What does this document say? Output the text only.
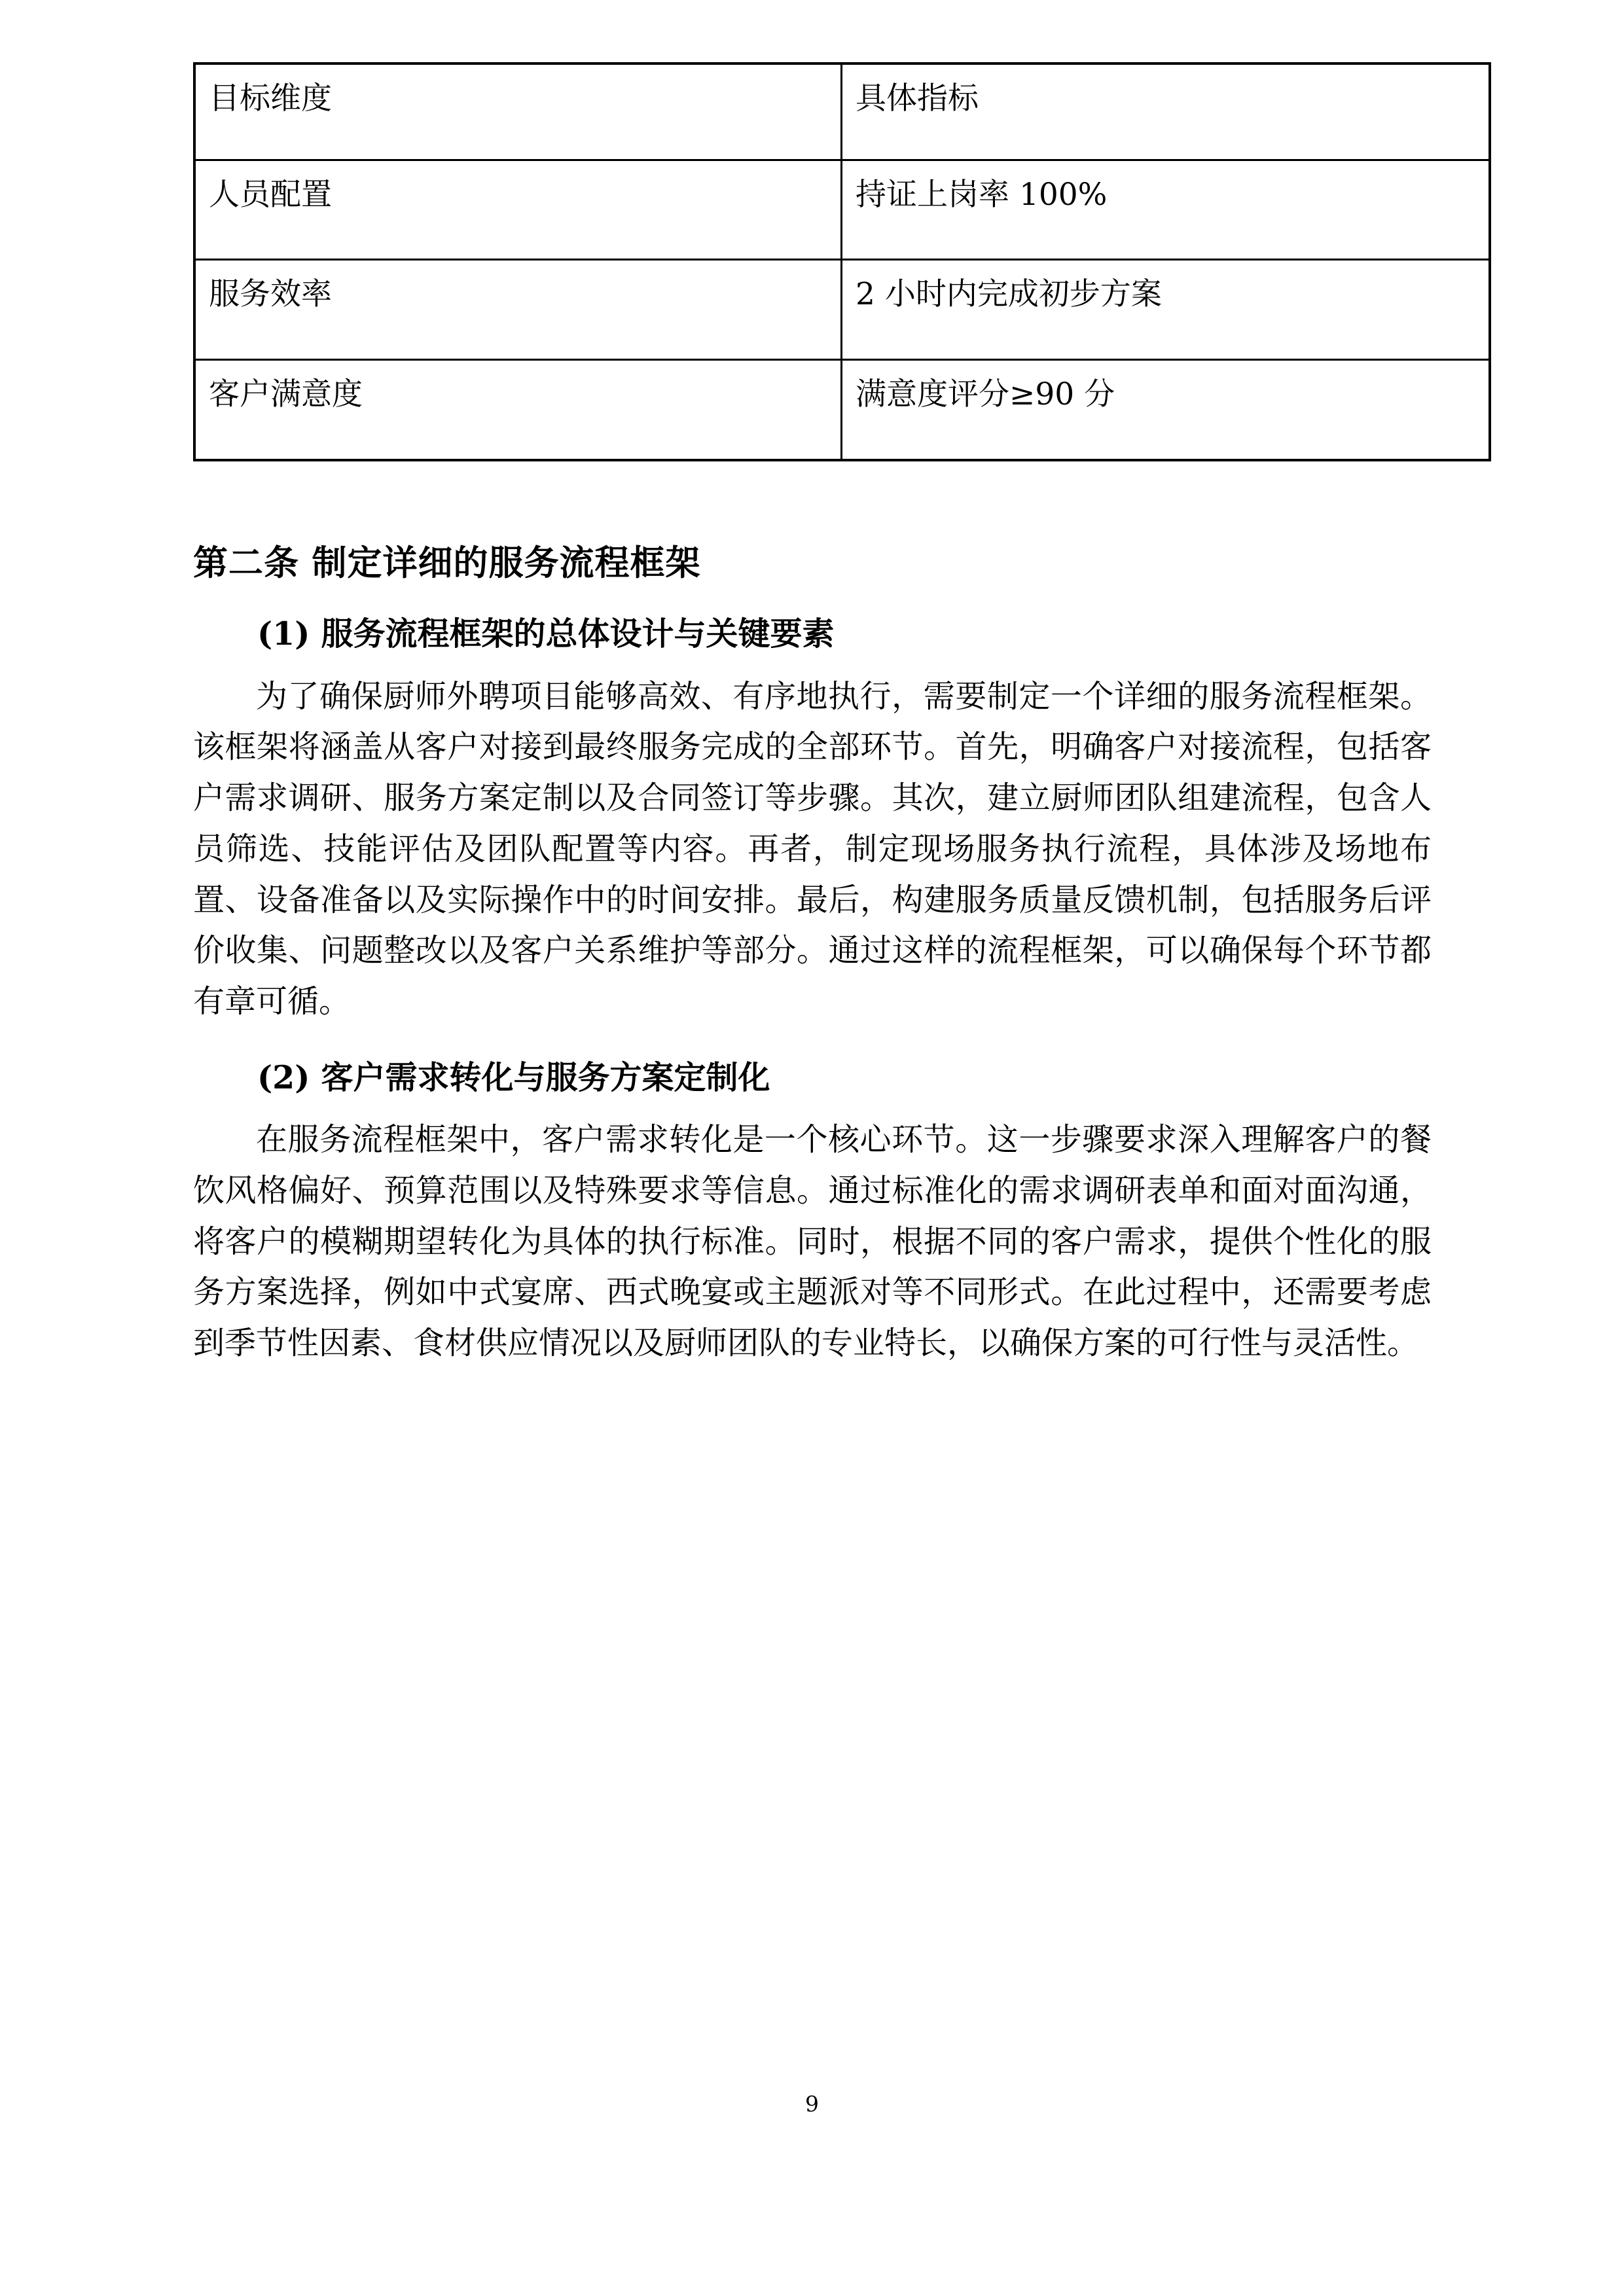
目标维度	具体指标
人员配置	持证上岗率 100%
服务效率	2 小时内完成初步方案
客户满意度	满意度评分≥90 分
第二条 制定详细的服务流程框架
(1) 服务流程框架的总体设计与关键要素

为了确保厨师外聘项目能够高效、有序地执行，需要制定一个详细的服务流程框架。该框架将涵盖从客户对接到最终服务完成的全部环节。首先，明确客户对接流程，包括客户需求调研、服务方案定制以及合同签订等步骤。其次，建立厨师团队组建流程，包含人员筛选、技能评估及团队配置等内容。再者，制定现场服务执行流程，具体涉及场地布置、设备准备以及实际操作中的时间安排。最后，构建服务质量反馈机制，包括服务后评价收集、问题整改以及客户关系维护等部分。通过这样的流程框架，可以确保每个环节都有章可循。

(2) 客户需求转化与服务方案定制化

在服务流程框架中，客户需求转化是一个核心环节。这一步骤要求深入理解客户的餐饮风格偏好、预算范围以及特殊要求等信息。通过标准化的需求调研表单和面对面沟通，将客户的模糊期望转化为具体的执行标准。同时，根据不同的客户需求，提供个性化的服务方案选择，例如中式宴席、西式晚宴或主题派对等不同形式。在此过程中，还需要考虑到季节性因素、食材供应情况以及厨师团队的专业特长，以确保方案的可行性与灵活性。

9
